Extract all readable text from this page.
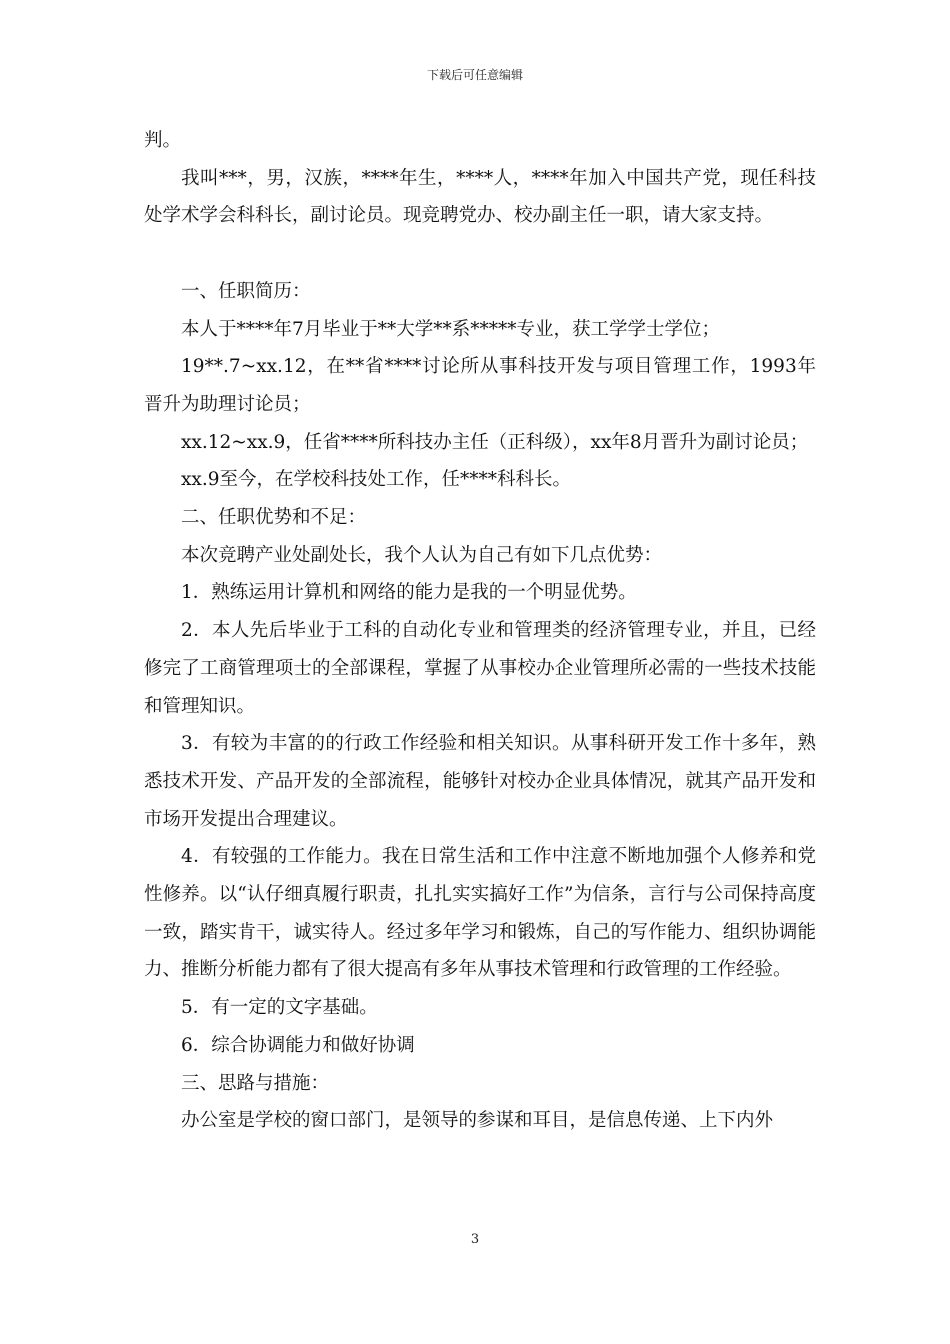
下载后可任意编辑

判。

我叫***，男，汉族，****年生，****人，****年加入中国共产党，现任科技处学术学会科科长，副讨论员。现竞聘党办、校办副主任一职，请大家支持。

一、任职简历：

本人于****年7月毕业于**大学**系*****专业，获工学学士学位；

19**.7~xx.12，在**省****讨论所从事科技开发与项目管理工作，1993年晋升为助理讨论员；

xx.12~xx.9，任省****所科技办主任（正科级），xx年8月晋升为副讨论员；

xx.9至今，在学校科技处工作，任****科科长。

二、任职优势和不足：

本次竞聘产业处副处长，我个人认为自己有如下几点优势：

1．熟练运用计算机和网络的能力是我的一个明显优势。

2．本人先后毕业于工科的自动化专业和管理类的经济管理专业，并且，已经修完了工商管理项士的全部课程，掌握了从事校办企业管理所必需的一些技术技能和管理知识。

3．有较为丰富的的行政工作经验和相关知识。从事科研开发工作十多年，熟悉技术开发、产品开发的全部流程，能够针对校办企业具体情况，就其产品开发和市场开发提出合理建议。

4．有较强的工作能力。我在日常生活和工作中注意不断地加强个人修养和党性修养。以“认仔细真履行职责，扎扎实实搞好工作”为信条，言行与公司保持高度一致，踏实肯干，诚实待人。经过多年学习和锻炼，自己的写作能力、组织协调能力、推断分析能力都有了很大提高有多年从事技术管理和行政管理的工作经验。

5．有一定的文字基础。

6．综合协调能力和做好协调

三、思路与措施：

办公室是学校的窗口部门，是领导的参谋和耳目，是信息传递、上下内外

3
